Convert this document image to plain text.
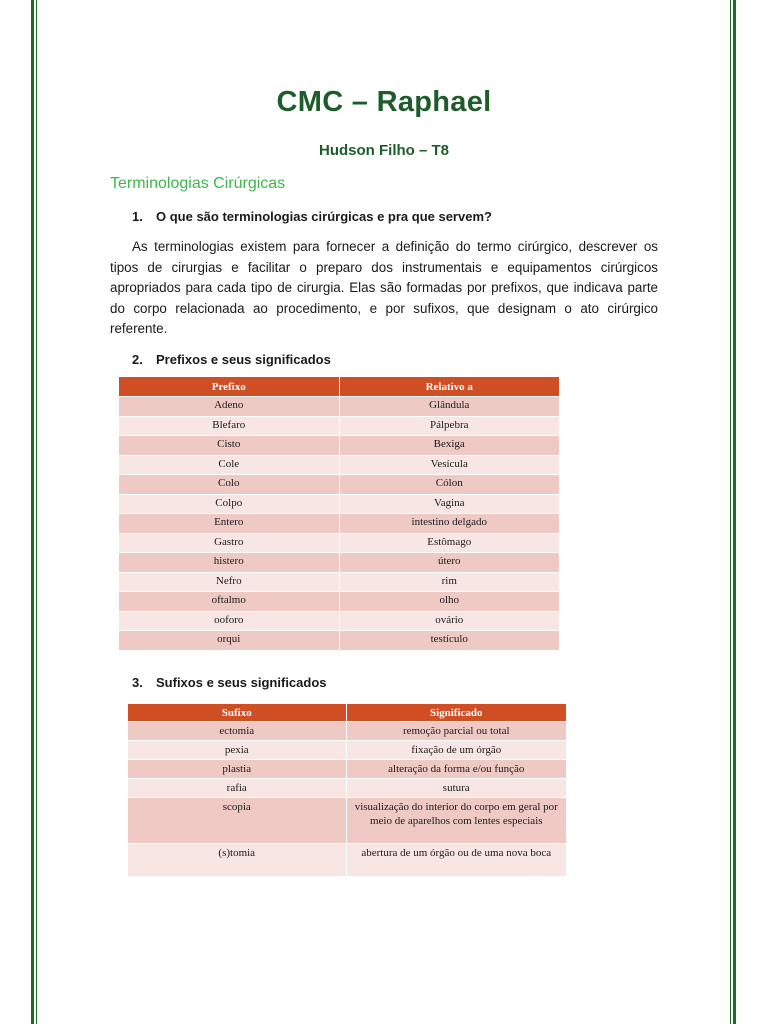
CMC – Raphael
Hudson Filho – T8
Terminologias Cirúrgicas
1. O que são terminologias cirúrgicas e pra que servem?
As terminologias existem para fornecer a definição do termo cirúrgico, descrever os tipos de cirurgias e facilitar o preparo dos instrumentais e equipamentos cirúrgicos apropriados para cada tipo de cirurgia. Elas são formadas por prefixos, que indicava parte do corpo relacionada ao procedimento, e por sufixos, que designam o ato cirúrgico referente.
2. Prefixos e seus significados
Prefixo	Relativo a
Adeno	Glândula
Blefaro	Pálpebra
Cisto	Bexiga
Cole	Vesícula
Colo	Cólon
Colpo	Vagina
Entero	intestino delgado
Gastro	Estômago
histero	útero
Nefro	rim
oftalmo	olho
ooforo	ovário
orqui	testículo
3. Sufixos e seus significados
Sufixo	Significado
ectomia	remoção parcial ou total
pexia	fixação de um órgão
plastia	alteração da forma e/ou função
rafia	sutura
scopia	visualização do interior do corpo em geral por meio de aparelhos com lentes especiais
(s)tomia	abertura de um órgão ou de uma nova boca
